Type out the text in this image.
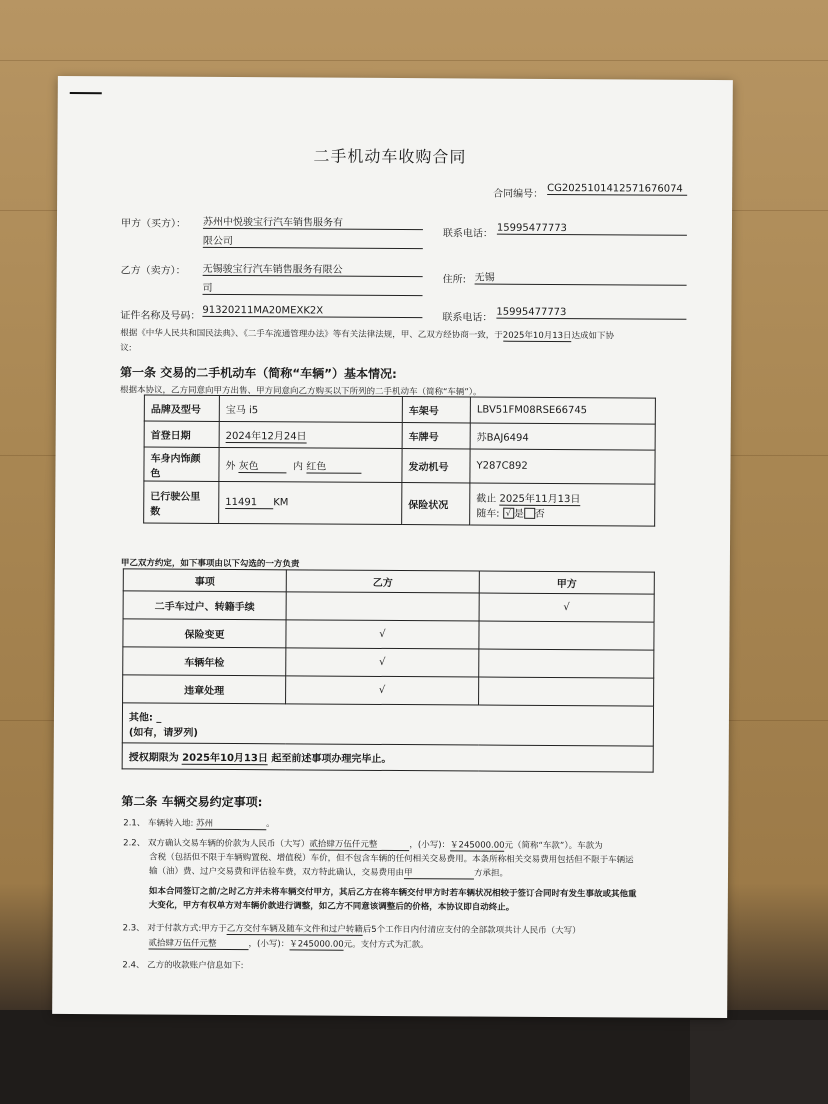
二手机动车收购合同
合同编号： CG2025101412571676074
甲方（买方）： 苏州中悦骏宝行汽车销售服务有
限公司
联系电话： 15995477773
乙方（卖方）： 无锡骏宝行汽车销售服务有限公
司
住所: 无锡
证件名称及号码： 91320211MA20MEXK2X
联系电话： 15995477773
根据《中华人民共和国民法典》、《二手车流通管理办法》等有关法律法规，甲、乙双方经协商一致，于2025年10月13日达成如下协
议:
第一条 交易的二手机动车（简称“车辆”）基本情况:
根据本协议，乙方同意向甲方出售、甲方同意向乙方购买以下所列的二手机动车（简称“车辆”）。
品牌及型号	宝马 i5	车架号	LBV51FM08RSE66745
首登日期	2024年12月24日	车牌号	苏BAJ6494
车身内饰颜
色	外 灰色 内 红色	发动机号	Y287C892
已行驶公里
数	11491 KM	保险状况	截止 2025年11月13日
随车: √ 是 否
甲乙双方约定，如下事项由以下勾选的一方负责
事项	乙方	甲方
二手车过户、转籍手续		√
保险变更	√	
车辆年检	√	
违章处理	√	
其他: _
(如有，请罗列)		
授权期限为 2025年10月13日 起至前述事项办理完毕止。		
第二条 车辆交易约定事项:
2.1、 车辆转入地: 苏州	。
2.2、 双方确认交易车辆的价款为人民币（大写）贰拾肆万伍仟元整	，(小写)：￥245000.00元（简称“车款”）。车款为
含税（包括但不限于车辆购置税、增值税）车价，但不包含车辆的任何相关交易费用。本条所称相关交易费用包括但不限于车辆运
输（油）费、过户交易费和评估验车费，双方特此确认，交易费用由甲	方承担。
如本合同签订之前/之时乙方并未将车辆交付甲方，其后乙方在将车辆交付甲方时若车辆状况相较于签订合同时有发生事故或其他重
大变化，甲方有权单方对车辆价款进行调整，如乙方不同意该调整后的价格，本协议即自动终止。
2.3、 对于付款方式:甲方于乙方交付车辆及随车文件和过户转籍后5个工作日内付清应支付的全部款项共计人民币（大写）
贰拾肆万伍仟元整	，(小写)：￥245000.00元。支付方式为汇款。
2.4、 乙方的收款账户信息如下:
